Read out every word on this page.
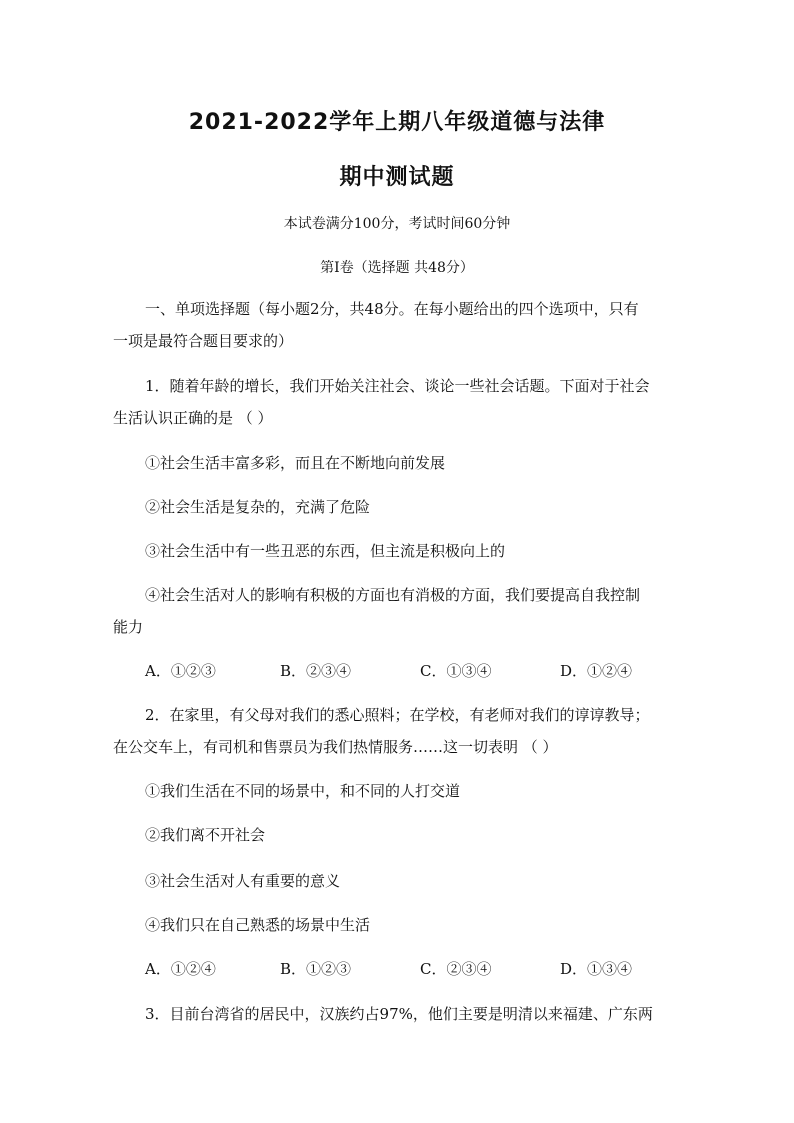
2021-2022学年上期八年级道德与法律
期中测试题
本试卷满分100分，考试时间60分钟
第Ⅰ卷（选择题 共48分）
一、单项选择题（每小题2分，共48分。在每小题给出的四个选项中，只有
一项是最符合题目要求的）
1．随着年龄的增长，我们开始关注社会、谈论一些社会话题。下面对于社会
生活认识正确的是 （ ）
①社会生活丰富多彩，而且在不断地向前发展
②社会生活是复杂的，充满了危险
③社会生活中有一些丑恶的东西，但主流是积极向上的
④社会生活对人的影响有积极的方面也有消极的方面，我们要提高自我控制
能力
A．①②③	B．②③④	C．①③④	D．①②④
2．在家里，有父母对我们的悉心照料；在学校，有老师对我们的谆谆教导；
在公交车上，有司机和售票员为我们热情服务……这一切表明 （ ）
①我们生活在不同的场景中，和不同的人打交道
②我们离不开社会
③社会生活对人有重要的意义
④我们只在自己熟悉的场景中生活
A．①②④	B．①②③	C．②③④	D．①③④
3．目前台湾省的居民中，汉族约占97%，他们主要是明清以来福建、广东两
